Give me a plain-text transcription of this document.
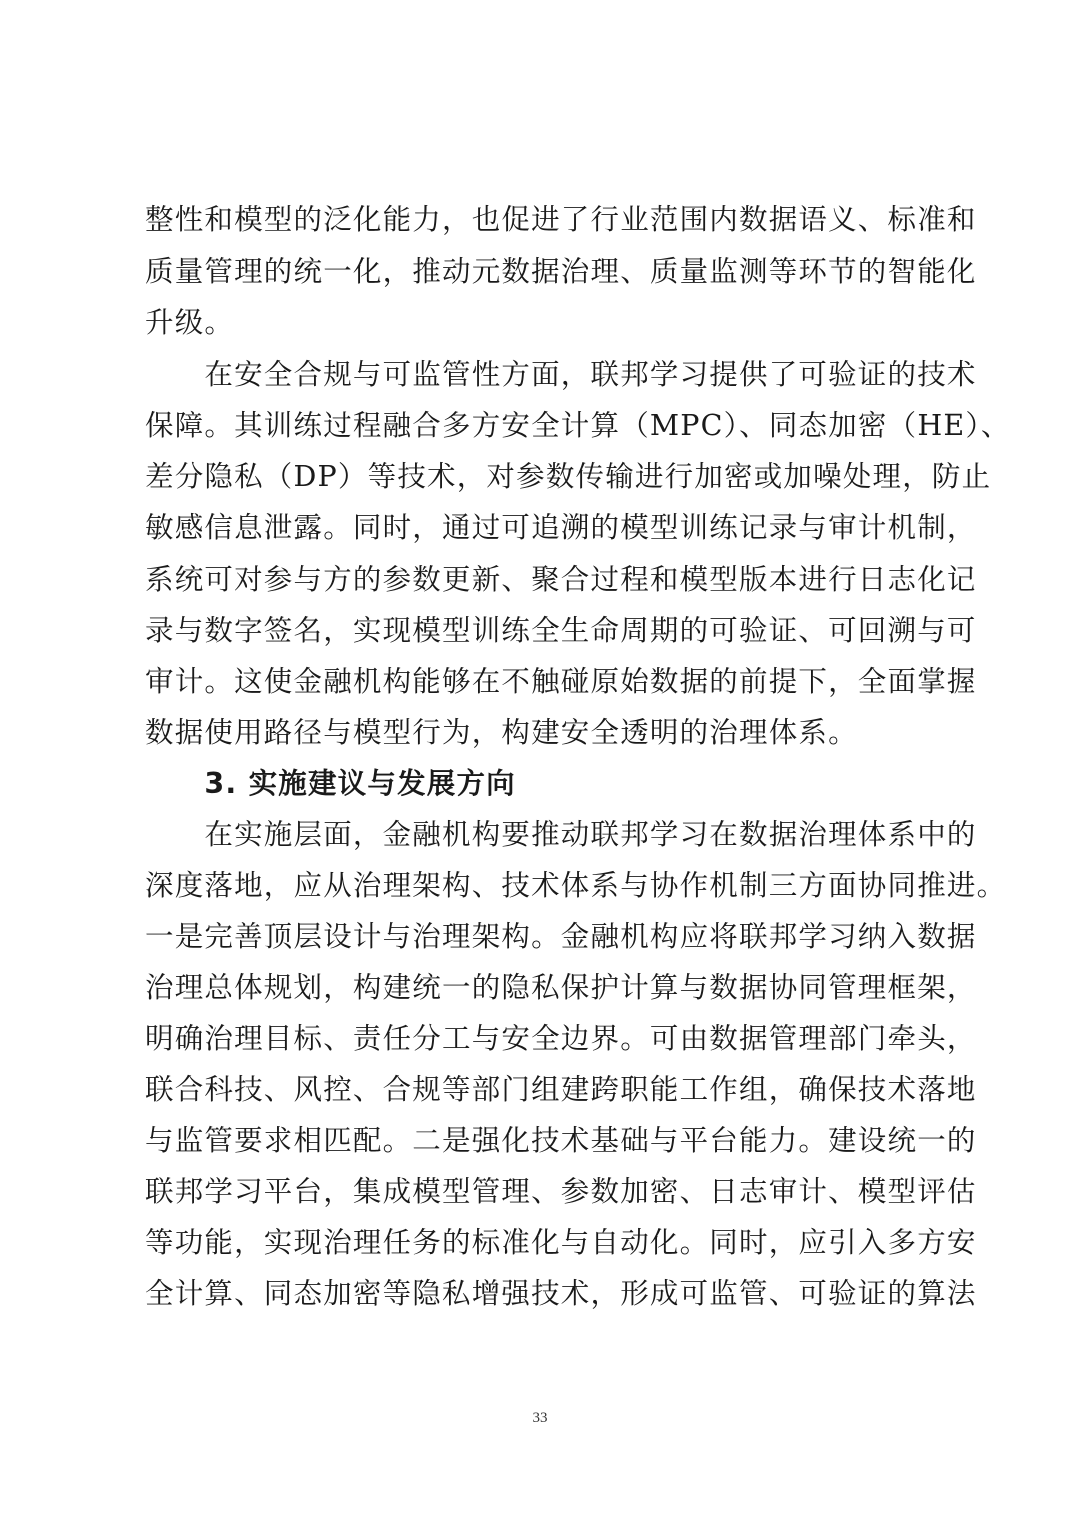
整性和模型的泛化能力，也促进了行业范围内数据语义、标准和
质量管理的统一化，推动元数据治理、质量监测等环节的智能化
升级。
　　在安全合规与可监管性方面，联邦学习提供了可验证的技术
保障。其训练过程融合多方安全计算（MPC）、同态加密（HE）、
差分隐私（DP）等技术，对参数传输进行加密或加噪处理，防止
敏感信息泄露。同时，通过可追溯的模型训练记录与审计机制，
系统可对参与方的参数更新、聚合过程和模型版本进行日志化记
录与数字签名，实现模型训练全生命周期的可验证、可回溯与可
审计。这使金融机构能够在不触碰原始数据的前提下，全面掌握
数据使用路径与模型行为，构建安全透明的治理体系。
　　3. 实施建议与发展方向
　　在实施层面，金融机构要推动联邦学习在数据治理体系中的
深度落地，应从治理架构、技术体系与协作机制三方面协同推进。
一是完善顶层设计与治理架构。金融机构应将联邦学习纳入数据
治理总体规划，构建统一的隐私保护计算与数据协同管理框架，
明确治理目标、责任分工与安全边界。可由数据管理部门牵头，
联合科技、风控、合规等部门组建跨职能工作组，确保技术落地
与监管要求相匹配。二是强化技术基础与平台能力。建设统一的
联邦学习平台，集成模型管理、参数加密、日志审计、模型评估
等功能，实现治理任务的标准化与自动化。同时，应引入多方安
全计算、同态加密等隐私增强技术，形成可监管、可验证的算法
33
